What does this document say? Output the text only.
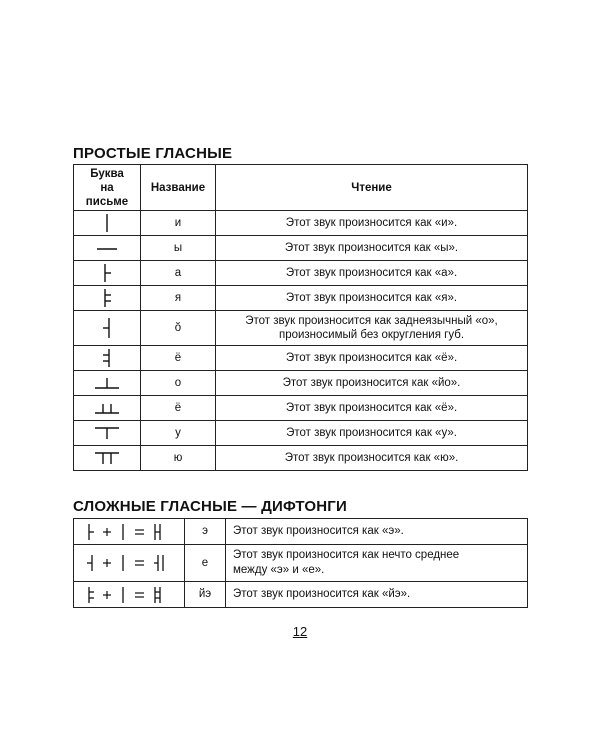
ПРОСТЫЕ ГЛАСНЫЕ
Буква
на
письме	Название	Чтение

	и	Этот звук произносится как «и».

	ы	Этот звук произносится как «ы».

	а	Этот звук произносится как «а».

	я	Этот звук произносится как «я».

	ŏ	Этот звук произносится как заднеязычный «о»,
произносимый без округления губ.

	ё	Этот звук произносится как «ё».

	о	Этот звук произносится как «йо».

	ё	Этот звук произносится как «ё».

	у	Этот звук произносится как «у».

	ю	Этот звук произносится как «ю».
СЛОЖНЫЕ ГЛАСНЫЕ — ДИФТОНГИ
	э	Этот звук произносится как «э».

	е	Этот звук произносится как нечто среднее
между «э» и «е».

	йэ	Этот звук произносится как «йэ».
12
